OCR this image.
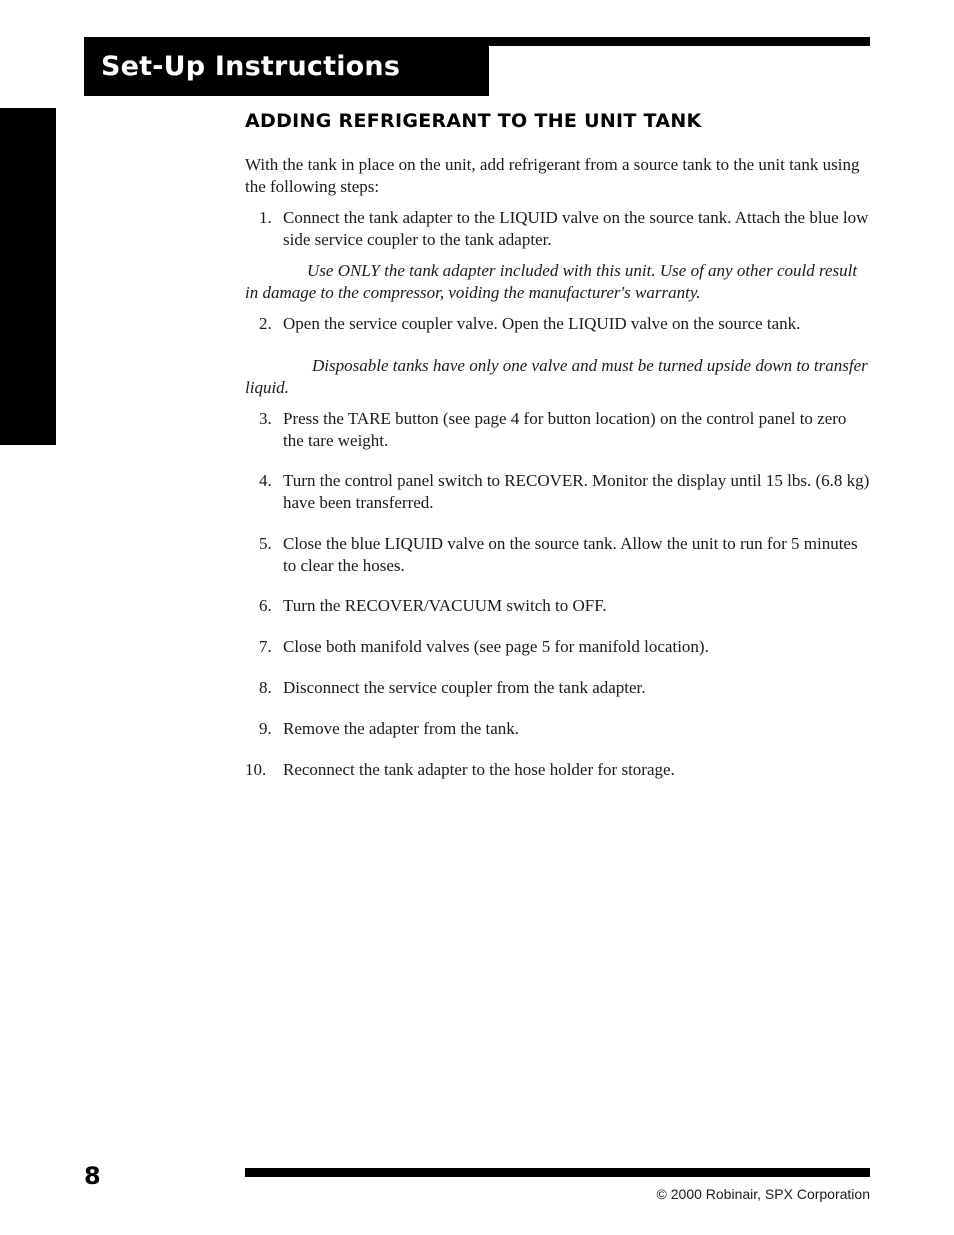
Set-Up Instructions
ADDING REFRIGERANT TO THE UNIT TANK

With the tank in place on the unit, add refrigerant from a source tank to the unit tank using the following steps:

1. Connect the tank adapter to the LIQUID valve on the source tank. Attach the blue low side service coupler to the tank adapter.

Use ONLY the tank adapter included with this unit. Use of any other could result in damage to the compressor, voiding the manufacturer's warranty.

2. Open the service coupler valve. Open the LIQUID valve on the source tank.

Disposable tanks have only one valve and must be turned upside down to transfer liquid.

3. Press the TARE button (see page 4 for button location) on the control panel to zero the tare weight.
4. Turn the control panel switch to RECOVER. Monitor the display until 15 lbs. (6.8 kg) have been transferred.
5. Close the blue LIQUID valve on the source tank. Allow the unit to run for 5 minutes to clear the hoses.
6. Turn the RECOVER/VACUUM switch to OFF.
7. Close both manifold valves (see page 5 for manifold location).
8. Disconnect the service coupler from the tank adapter.
9. Remove the adapter from the tank.
10. Reconnect the tank adapter to the hose holder for storage.
8
© 2000 Robinair, SPX Corporation
